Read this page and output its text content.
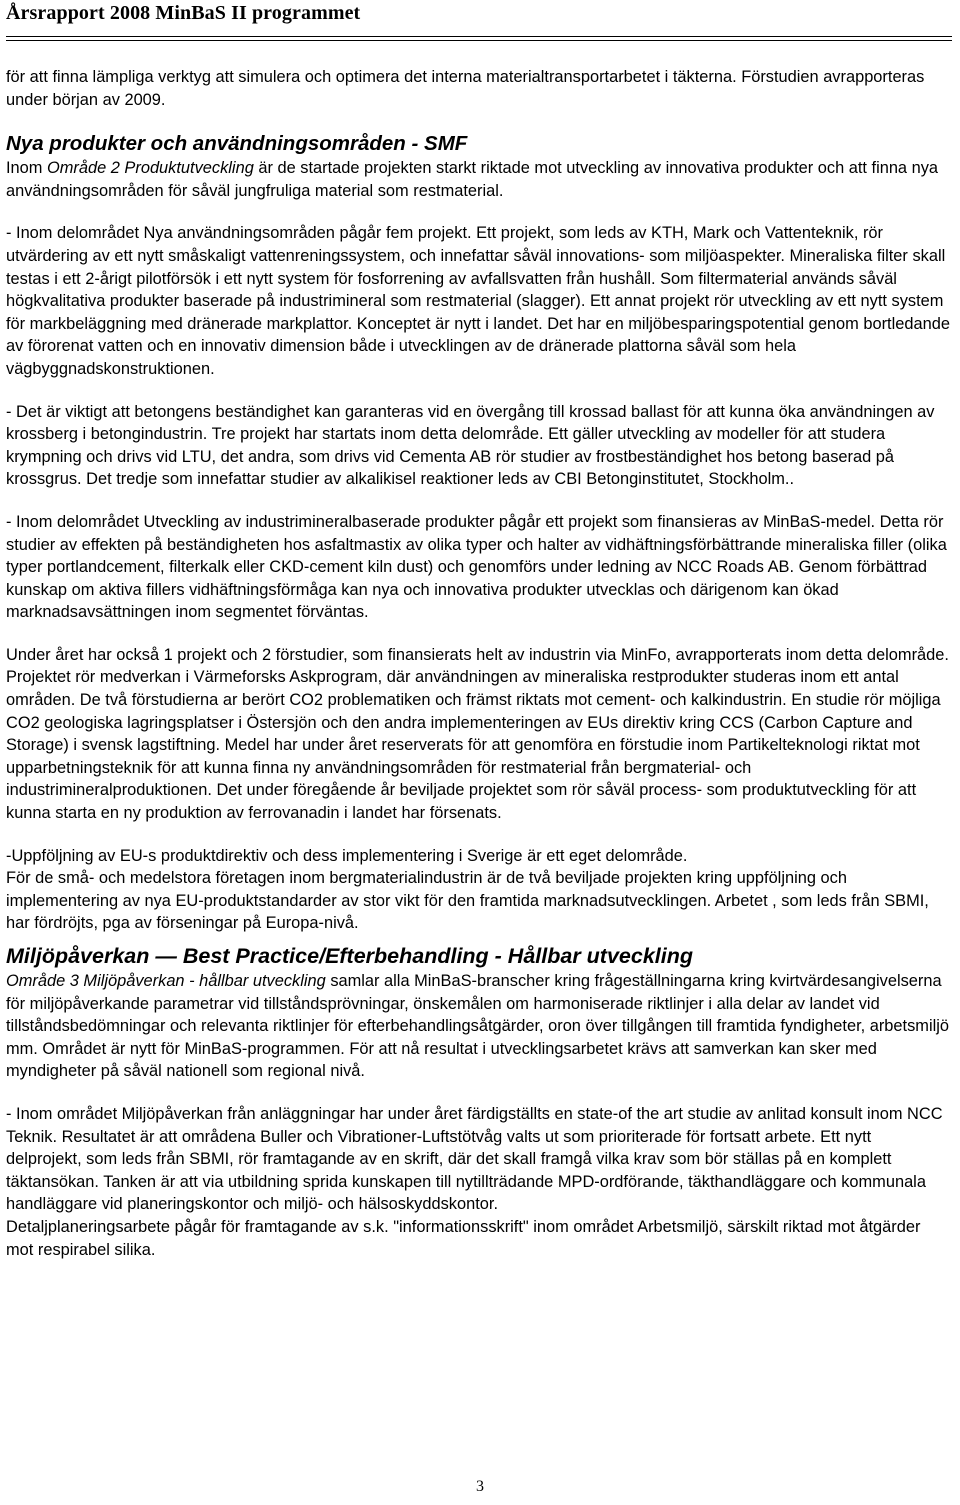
Årsrapport 2008 MinBaS II programmet

för att finna lämpliga verktyg att simulera och optimera det interna materialtransportarbetet i täkterna. Förstudien avrapporteras under början av 2009.

Nya produkter och användningsområden - SMF

Inom Område 2 Produktutveckling är de startade projekten starkt riktade mot utveckling av innovativa produkter och att finna nya användningsområden för såväl jungfruliga material som restmaterial.

- Inom delområdet Nya användningsområden pågår fem projekt. Ett projekt, som leds av KTH, Mark och Vattenteknik, rör utvärdering av ett nytt småskaligt vattenreningssystem, och innefattar såväl innovations- som miljöaspekter. Mineraliska filter skall testas i ett 2-årigt pilotförsök i ett nytt system för fosforrening av avfallsvatten från hushåll. Som filtermaterial används såväl högkvalitativa produkter baserade på industrimineral som restmaterial (slagger). Ett annat projekt rör utveckling av ett nytt system för markbeläggning med dränerade markplattor. Konceptet är nytt i landet. Det har en miljöbesparingspotential genom bortledande av förorenat vatten och en innovativ dimension både i utvecklingen av de dränerade plattorna såväl som hela vägbyggnadskonstruktionen.

- Det är viktigt att betongens beständighet kan garanteras vid en övergång till krossad ballast för att kunna öka användningen av krossberg i betongindustrin. Tre projekt har startats inom detta delområde. Ett gäller utveckling av modeller för att studera krympning och drivs vid LTU, det andra, som drivs vid Cementa AB rör studier av frostbeständighet hos betong baserad på krossgrus. Det tredje som innefattar studier av alkalikisel reaktioner leds av CBI Betonginstitutet, Stockholm..

- Inom delområdet Utveckling av industrimineralbaserade produkter pågår ett projekt som finansieras av MinBaS-medel. Detta rör studier av effekten på beständigheten hos asfaltmastix av olika typer och halter av vidhäftningsförbättrande mineraliska filler (olika typer portlandcement, filterkalk eller CKD-cement kiln dust) och genomförs under ledning av NCC Roads AB. Genom förbättrad kunskap om aktiva fillers vidhäftningsförmåga kan nya och innovativa produkter utvecklas och därigenom kan ökad marknadsavsättningen inom segmentet förväntas.

Under året har också 1 projekt och 2 förstudier, som finansierats helt av industrin via MinFo, avrapporterats inom detta delområde. Projektet rör medverkan i Värmeforsks Askprogram, där användningen av mineraliska restprodukter studeras inom ett antal områden. De två förstudierna ar berört CO2 problematiken och främst riktats mot cement- och kalkindustrin. En studie rör möjliga CO2 geologiska lagringsplatser i Östersjön och den andra implementeringen av EUs direktiv kring CCS (Carbon Capture and Storage) i svensk lagstiftning. Medel har under året reserverats för att genomföra en förstudie inom Partikelteknologi riktat mot upparbetningsteknik för att kunna finna ny användningsområden för restmaterial från bergmaterial- och industrimineralproduktionen. Det under föregående år beviljade projektet som rör såväl process- som produktutveckling för att kunna starta en ny produktion av ferrovanadin i landet har försenats.

-Uppföljning av EU-s produktdirektiv och dess implementering i Sverige är ett eget delområde.

För de små- och medelstora företagen inom bergmaterialindustrin är de två beviljade projekten kring uppföljning och implementering av nya EU-produktstandarder av stor vikt för den framtida marknadsutvecklingen. Arbetet , som leds från SBMI, har fördröjts, pga av förseningar på Europa-nivå.

Miljöpåverkan — Best Practice/Efterbehandling - Hållbar utveckling

Område 3 Miljöpåverkan - hållbar utveckling samlar alla MinBaS-branscher kring frågeställningarna kring kvirtvärdesangivelserna för miljöpåverkande parametrar vid tillståndsprövningar, önskemålen om harmoniserade riktlinjer i alla delar av landet vid tillståndsbedömningar och relevanta riktlinjer för efterbehandlingsåtgärder, oron över tillgången till framtida fyndigheter, arbetsmiljö mm. Området är nytt för MinBaS-programmen. För att nå resultat i utvecklingsarbetet krävs att samverkan kan sker med myndigheter på såväl nationell som regional nivå.

- Inom området Miljöpåverkan från anläggningar har under året färdigställts en state-of the art studie av anlitad konsult inom NCC Teknik. Resultatet är att områdena Buller och Vibrationer-Luftstötvåg valts ut som prioriterade för fortsatt arbete. Ett nytt delprojekt, som leds från SBMI, rör framtagande av en skrift, där det skall framgå vilka krav som bör ställas på en komplett täktansökan. Tanken är att via utbildning sprida kunskapen till nytillträdande MPD-ordförande, täkthandläggare och kommunala handläggare vid planeringskontor och miljö- och hälsoskyddskontor.

Detaljplaneringsarbete pågår för framtagande av s.k. "informationsskrift" inom området Arbetsmiljö, särskilt riktad mot åtgärder mot respirabel silika.

3
